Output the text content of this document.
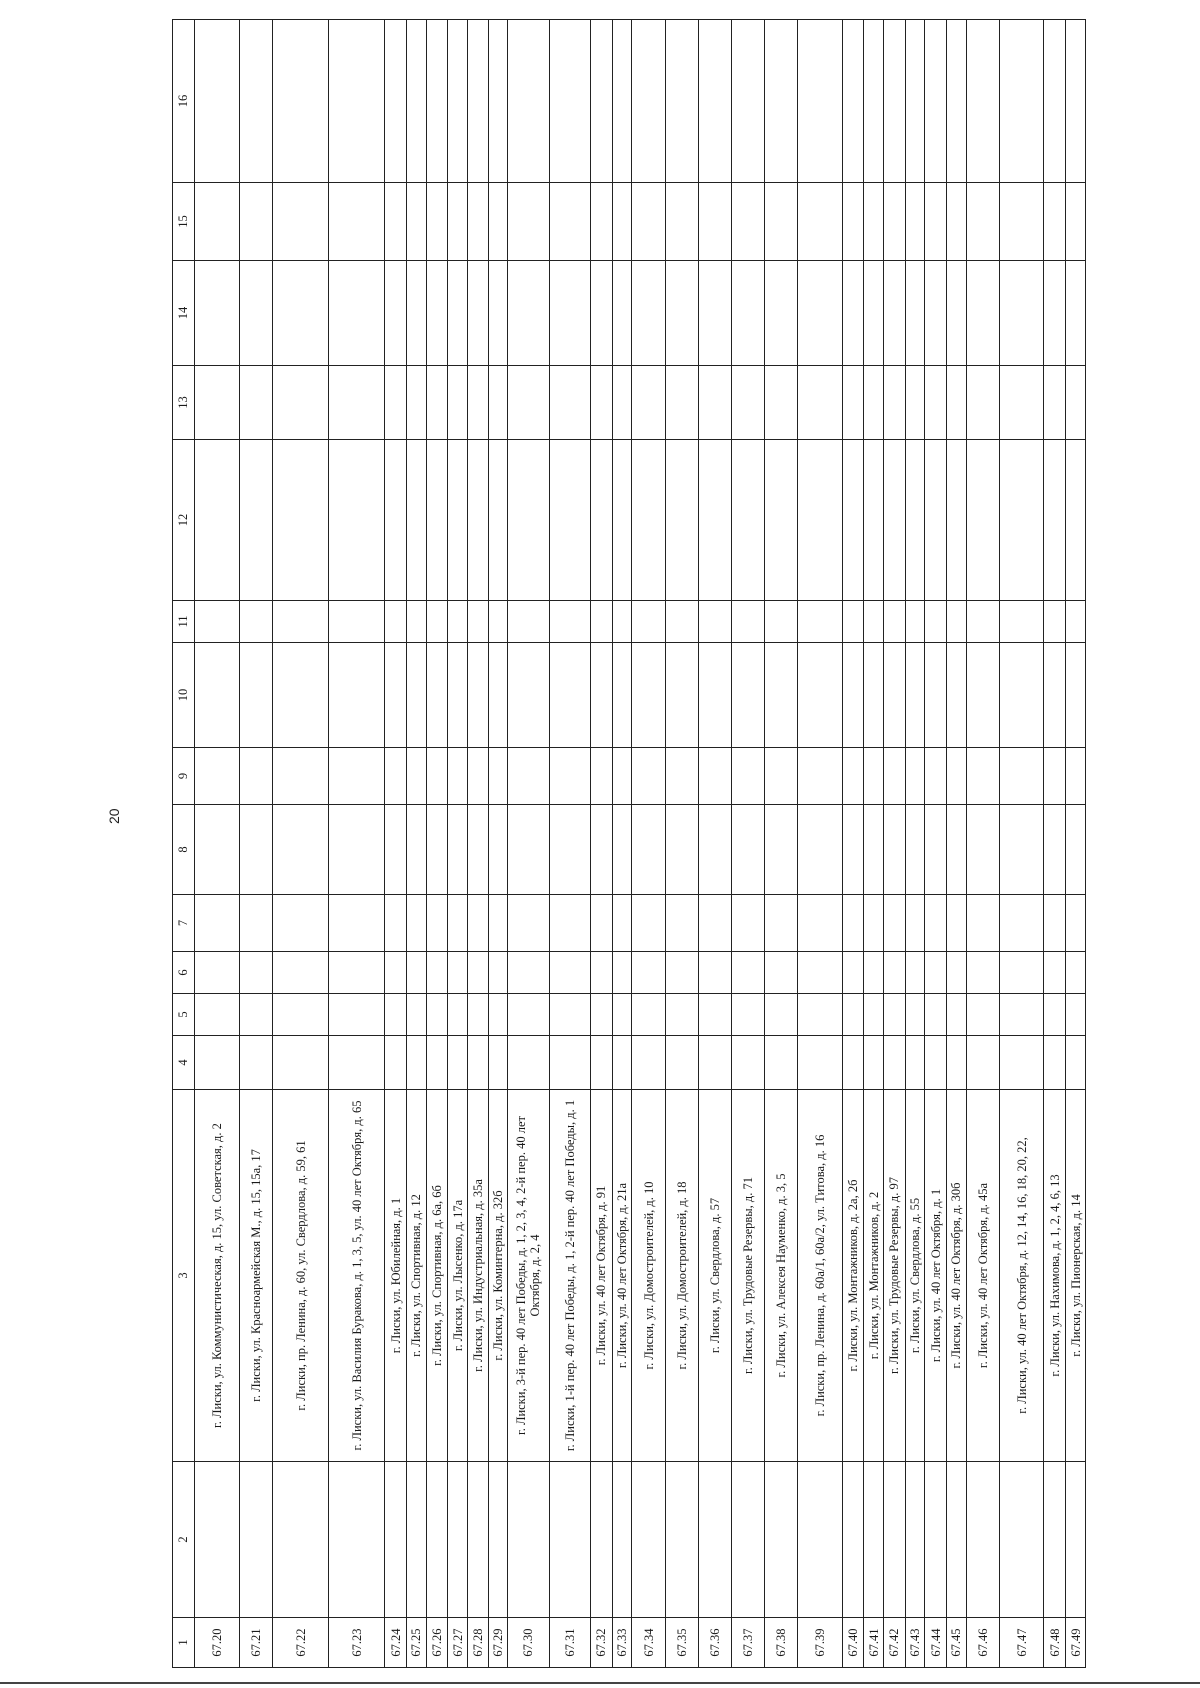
20
1	2	3	4	5	6	7	8	9	10	11	12	13	14	15	16
67.20		г. Лиски, ул. Коммунистическая, д. 15, ул. Советская, д. 2													
67.21		г. Лиски, ул. Красноармейская М., д. 15, 15а, 17													
67.22		г. Лиски, пр. Ленина, д. 60, ул. Свердлова, д. 59, 61													
67.23		г. Лиски, ул. Василия Буракова, д. 1, 3, 5, ул. 40 лет Октября, д. 65													
67.24		г. Лиски, ул. Юбилейная, д. 1													
67.25		г. Лиски, ул. Спортивная, д. 12													
67.26		г. Лиски, ул. Спортивная, д. 6а, 6б													
67.27		г. Лиски, ул. Лысенко, д. 17а													
67.28		г. Лиски, ул. Индустриальная, д. 35а													
67.29		г. Лиски, ул. Коминтерна, д. 32б													
67.30		г. Лиски, 3-й пер. 40 лет Победы, д. 1, 2, 3, 4, 2-й пер. 40 лет Октября, д. 2, 4													
67.31		г. Лиски, 1-й пер. 40 лет Победы, д. 1, 2-й пер. 40 лет Победы, д. 1													
67.32		г. Лиски, ул. 40 лет Октября, д. 91													
67.33		г. Лиски, ул. 40 лет Октября, д. 21а													
67.34		г. Лиски, ул. Домостроителей, д. 10													
67.35		г. Лиски, ул. Домостроителей, д. 18													
67.36		г. Лиски, ул. Свердлова, д. 57													
67.37		г. Лиски, ул. Трудовые Резервы, д. 71													
67.38		г. Лиски, ул. Алексея Науменко, д. 3, 5													
67.39		г. Лиски, пр. Ленина, д. 60а/1, 60а/2, ул. Титова, д. 16													
67.40		г. Лиски, ул. Монтажников, д. 2а, 2б													
67.41		г. Лиски, ул. Монтажников, д. 2													
67.42		г. Лиски, ул. Трудовые Резервы, д. 97													
67.43		г. Лиски, ул. Свердлова, д. 55													
67.44		г. Лиски, ул. 40 лет Октября, д. 1													
67.45		г. Лиски, ул. 40 лет Октября, д. 30б													
67.46		г. Лиски, ул. 40 лет Октября, д. 45а													
67.47		г. Лиски, ул. 40 лет Октября, д. 12, 14, 16, 18, 20, 22,													
67.48		г. Лиски, ул. Нахимова, д. 1, 2, 4, 6, 13													
67.49		г. Лиски, ул. Пионерская, д. 14													
